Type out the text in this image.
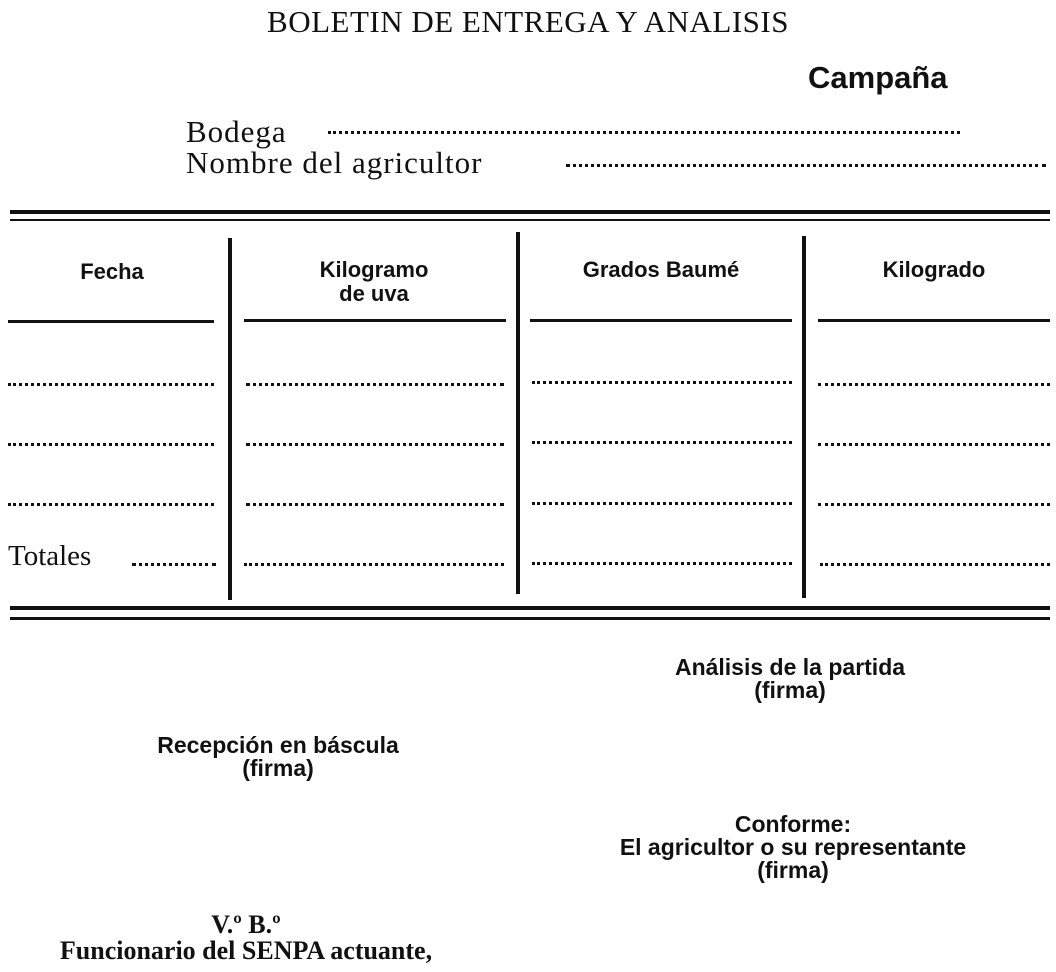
BOLETIN DE ENTREGA Y ANALISIS
Campaña
Bodega
Nombre del agricultor
Fecha	Kilogramo
de uva
Grados Baumé	Kilogrado
Totales
Análisis de la partida
(firma)
Recepción en báscula
(firma)
Conforme:
El agricultor o su representante
(firma)
V.º B.º
Funcionario del SENPA actuante,
